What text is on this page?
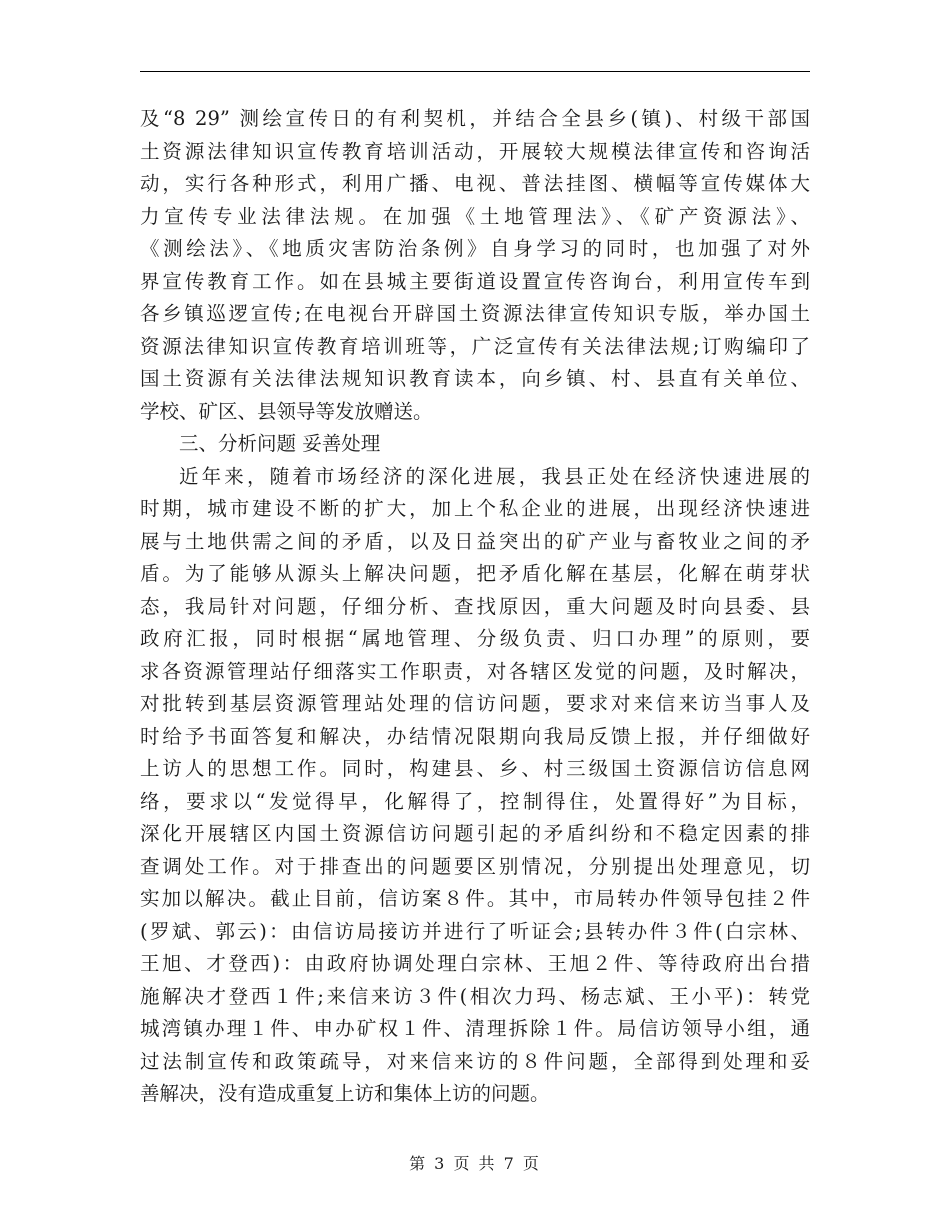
及“8 29” 测绘宣传日的有利契机，并结合全县乡(镇)、村级干部国
土资源法律知识宣传教育培训活动，开展较大规模法律宣传和咨询活
动，实行各种形式，利用广播、电视、普法挂图、横幅等宣传媒体大
力宣传专业法律法规。在加强《土地管理法》、《矿产资源法》、
《测绘法》、《地质灾害防治条例》自身学习的同时，也加强了对外
界宣传教育工作。如在县城主要街道设置宣传咨询台，利用宣传车到
各乡镇巡逻宣传;在电视台开辟国土资源法律宣传知识专版，举办国土
资源法律知识宣传教育培训班等，广泛宣传有关法律法规;订购编印了
国土资源有关法律法规知识教育读本，向乡镇、村、县直有关单位、
学校、矿区、县领导等发放赠送。
三、分析问题 妥善处理
近年来，随着市场经济的深化进展，我县正处在经济快速进展的
时期，城市建设不断的扩大，加上个私企业的进展，出现经济快速进
展与土地供需之间的矛盾，以及日益突出的矿产业与畜牧业之间的矛
盾。为了能够从源头上解决问题，把矛盾化解在基层，化解在萌芽状
态，我局针对问题，仔细分析、查找原因，重大问题及时向县委、县
政府汇报，同时根据“属地管理、分级负责、归口办理”的原则，要
求各资源管理站仔细落实工作职责，对各辖区发觉的问题，及时解决，
对批转到基层资源管理站处理的信访问题，要求对来信来访当事人及
时给予书面答复和解决，办结情况限期向我局反馈上报，并仔细做好
上访人的思想工作。同时，构建县、乡、村三级国土资源信访信息网
络，要求以“发觉得早，化解得了，控制得住，处置得好”为目标，
深化开展辖区内国土资源信访问题引起的矛盾纠纷和不稳定因素的排
查调处工作。对于排查出的问题要区别情况，分别提出处理意见，切
实加以解决。截止目前，信访案８件。其中，市局转办件领导包挂２件
(罗斌、郭云)：由信访局接访并进行了听证会;县转办件３件(白宗林、
王旭、才登西)：由政府协调处理白宗林、王旭２件、等待政府出台措
施解决才登西１件;来信来访３件(相次力玛、杨志斌、王小平)：转党
城湾镇办理１件、申办矿权１件、清理拆除１件。局信访领导小组，通
过法制宣传和政策疏导，对来信来访的８件问题，全部得到处理和妥
善解决，没有造成重复上访和集体上访的问题。
第 3 页 共 7 页
